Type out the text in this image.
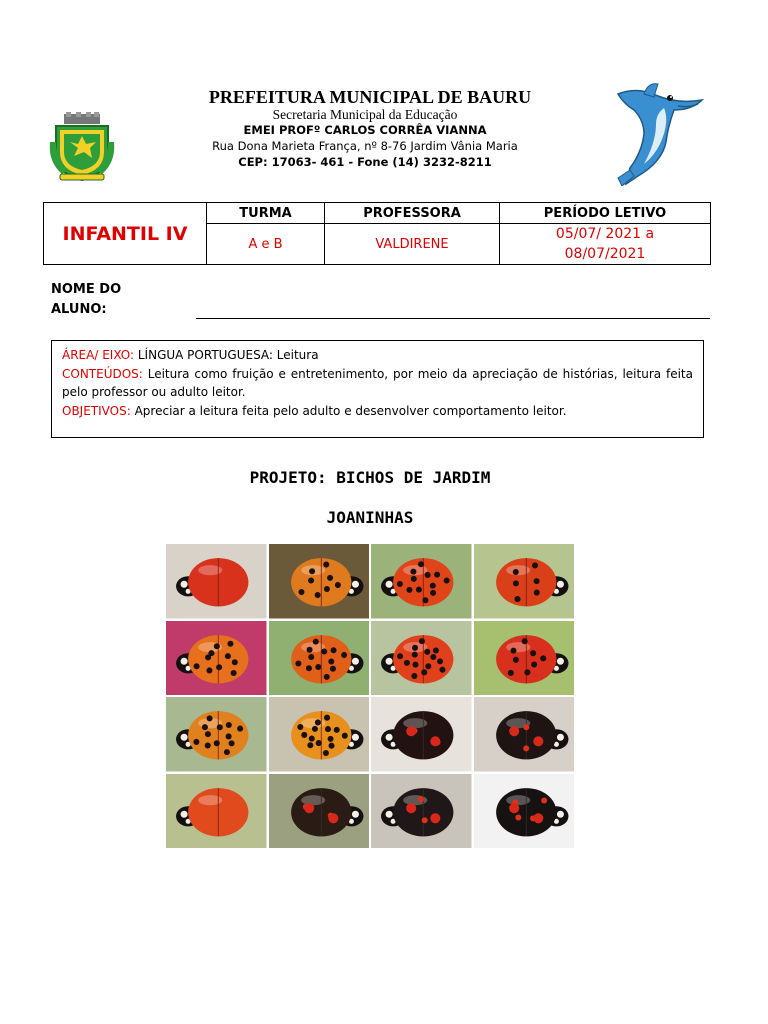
PREFEITURA MUNICIPAL DE BAURU
Secretaria Municipal da Educação
EMEI PROFº CARLOS CORRÊA VIANNA
Rua Dona Marieta França, nº 8-76 Jardim Vânia Maria
CEP: 17063- 461 - Fone (14) 3232-8211
INFANTIL IV	TURMA	PROFESSORA	PERÍODO LETIVO
	A e B	VALDIRENE	05/07/ 2021 a
08/07/2021
NOME DO
ALUNO:
ÁREA/ EIXO: LÍNGUA PORTUGUESA: Leitura
CONTEÚDOS: Leitura como fruição e entretenimento, por meio da apreciação de histórias, leitura feita pelo professor ou adulto leitor.
OBJETIVOS: Apreciar a leitura feita pelo adulto e desenvolver comportamento leitor.
PROJETO: BICHOS DE JARDIM
JOANINHAS
